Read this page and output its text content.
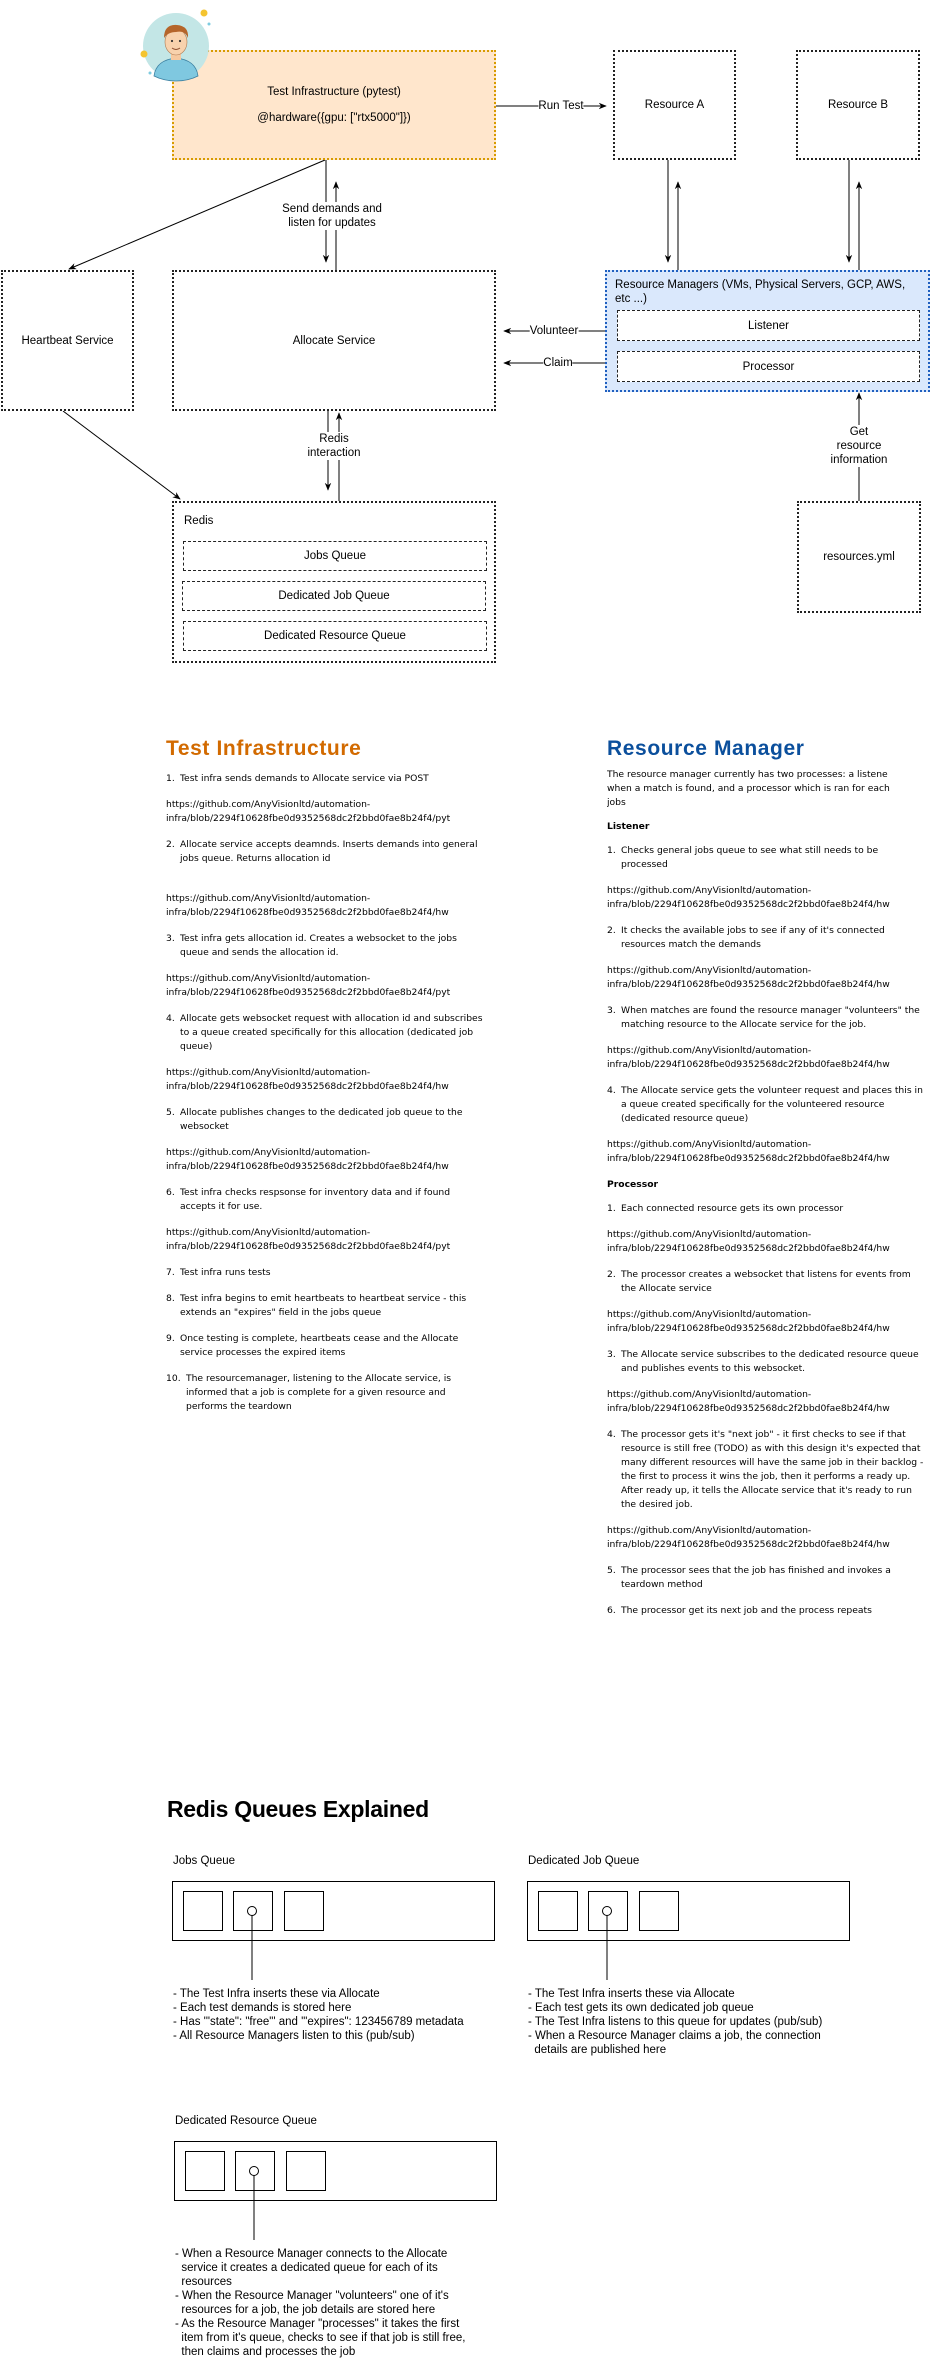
Test Infrastructure (pytest)
@hardware({gpu: ["rtx5000"]})
Resource A	Resource B
Heartbeat Service	Allocate Service
Resource Managers (VMs, Physical Servers, GCP, AWS, etc ...)
Listener
Processor
Redis
Jobs Queue
Dedicated Job Queue
Dedicated Resource Queue
resources.yml
Run Test
Send demands and listen for updates
Volunteer
Claim
Redis interaction
Get resource information
Test Infrastructure
1. Test infra sends demands to Allocate service via POST
https://github.com/AnyVisionltd/automation-
infra/blob/2294f10628fbe0d9352568dc2f2bbd0fae8b24f4/pyt
2. Allocate service accepts deamnds. Inserts demands into general jobs queue. Returns allocation id
https://github.com/AnyVisionltd/automation-
infra/blob/2294f10628fbe0d9352568dc2f2bbd0fae8b24f4/hw
3. Test infra gets allocation id. Creates a websocket to the jobs queue and sends the allocation id.
https://github.com/AnyVisionltd/automation-
infra/blob/2294f10628fbe0d9352568dc2f2bbd0fae8b24f4/pyt
4. Allocate gets websocket request with allocation id and subscribes to a queue created specifically for this allocation (dedicated job queue)
https://github.com/AnyVisionltd/automation-
infra/blob/2294f10628fbe0d9352568dc2f2bbd0fae8b24f4/hw
5. Allocate publishes changes to the dedicated job queue to the websocket
https://github.com/AnyVisionltd/automation-
infra/blob/2294f10628fbe0d9352568dc2f2bbd0fae8b24f4/hw
6. Test infra checks respsonse for inventory data and if found accepts it for use.
https://github.com/AnyVisionltd/automation-
infra/blob/2294f10628fbe0d9352568dc2f2bbd0fae8b24f4/pyt
7. Test infra runs tests
8. Test infra begins to emit heartbeats to heartbeat service - this extends an "expires" field in the jobs queue
9. Once testing is complete, heartbeats cease and the Allocate service processes the expired items
10. The resourcemanager, listening to the Allocate service, is informed that a job is complete for a given resource and performs the teardown
Resource Manager
The resource manager currently has two processes: a listene
when a match is found, and a processor which is ran for each
jobs
Listener
1. Checks general jobs queue to see what still needs to be processed
https://github.com/AnyVisionltd/automation-
infra/blob/2294f10628fbe0d9352568dc2f2bbd0fae8b24f4/hw
2. It checks the available jobs to see if any of it's connected resources match the demands
https://github.com/AnyVisionltd/automation-
infra/blob/2294f10628fbe0d9352568dc2f2bbd0fae8b24f4/hw
3. When matches are found the resource manager "volunteers" the matching resource to the Allocate service for the job.
https://github.com/AnyVisionltd/automation-
infra/blob/2294f10628fbe0d9352568dc2f2bbd0fae8b24f4/hw
4. The Allocate service gets the volunteer request and places this in a queue created specifically for the volunteered resource (dedicated resource queue)
https://github.com/AnyVisionltd/automation-
infra/blob/2294f10628fbe0d9352568dc2f2bbd0fae8b24f4/hw
Processor
1. Each connected resource gets its own processor
https://github.com/AnyVisionltd/automation-
infra/blob/2294f10628fbe0d9352568dc2f2bbd0fae8b24f4/hw
2. The processor creates a websocket that listens for events from the Allocate service
https://github.com/AnyVisionltd/automation-
infra/blob/2294f10628fbe0d9352568dc2f2bbd0fae8b24f4/hw
3. The Allocate service subscribes to the dedicated resource queue and publishes events to this websocket.
https://github.com/AnyVisionltd/automation-
infra/blob/2294f10628fbe0d9352568dc2f2bbd0fae8b24f4/hw
4. The processor gets it's "next job" - it first checks to see if that resource is still free (TODO) as with this design it's expected that many different resources will have the same job in their backlog - the first to process it wins the job, then it performs a ready up. After ready up, it tells the Allocate service that it's ready to run the desired job.
https://github.com/AnyVisionltd/automation-
infra/blob/2294f10628fbe0d9352568dc2f2bbd0fae8b24f4/hw
5. The processor sees that the job has finished and invokes a teardown method
6. The processor get its next job and the process repeats
Redis Queues Explained
Jobs Queue
- The Test Infra inserts these via Allocate
- Each test demands is stored here
- Has '"state": "free"' and '"expires": 123456789 metadata
- All Resource Managers listen to this (pub/sub)
Dedicated Job Queue
- The Test Infra inserts these via Allocate
- Each test gets its own dedicated job queue
- The Test Infra listens to this queue for updates (pub/sub)
- When a Resource Manager claims a job, the connection
details are published here
Dedicated Resource Queue
- When a Resource Manager connects to the Allocate
service it creates a dedicated queue for each of its
resources
- When the Resource Manager "volunteers" one of it's
resources for a job, the job details are stored here
- As the Resource Manager "processes" it takes the first
item from it's queue, checks to see if that job is still free,
then claims and processes the job
